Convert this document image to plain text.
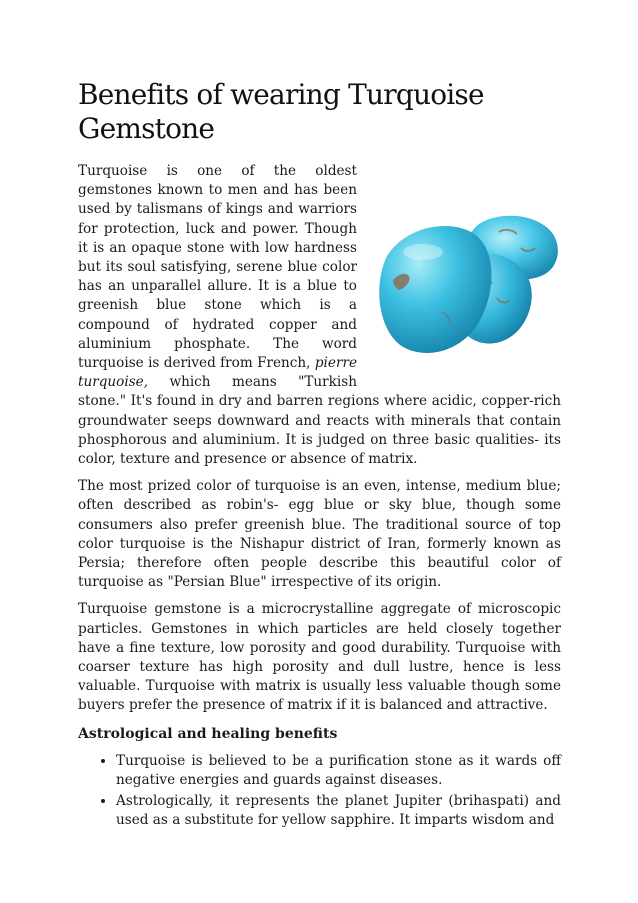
Benefits of wearing Turquoise Gemstone

Turquoise is one of the oldest gemstones known to men and has been used by talismans of kings and warriors for protection, luck and power. Though it is an opaque stone with low hardness but its soul satisfying, serene blue color has an unparallel allure. It is a blue to greenish blue stone which is a compound of hydrated copper and aluminium phosphate. The word turquoise is derived from French, pierre turquoise, which means "Turkish stone." It's found in dry and barren regions where acidic, copper-rich groundwater seeps downward and reacts with minerals that contain phosphorous and aluminium. It is judged on three basic qualities- its color, texture and presence or absence of matrix.

The most prized color of turquoise is an even, intense, medium blue; often described as robin's- egg blue or sky blue, though some consumers also prefer greenish blue. The traditional source of top color turquoise is the Nishapur district of Iran, formerly known as Persia; therefore often people describe this beautiful color of turquoise as "Persian Blue" irrespective of its origin.

Turquoise gemstone is a microcrystalline aggregate of microscopic particles. Gemstones in which particles are held closely together have a fine texture, low porosity and good durability. Turquoise with coarser texture has high porosity and dull lustre, hence is less valuable. Turquoise with matrix is usually less valuable though some buyers prefer the presence of matrix if it is balanced and attractive.

Astrological and healing benefits
• Turquoise is believed to be a purification stone as it wards off negative energies and guards against diseases.
• Astrologically, it represents the planet Jupiter (brihaspati) and used as a substitute for yellow sapphire. It imparts wisdom and
